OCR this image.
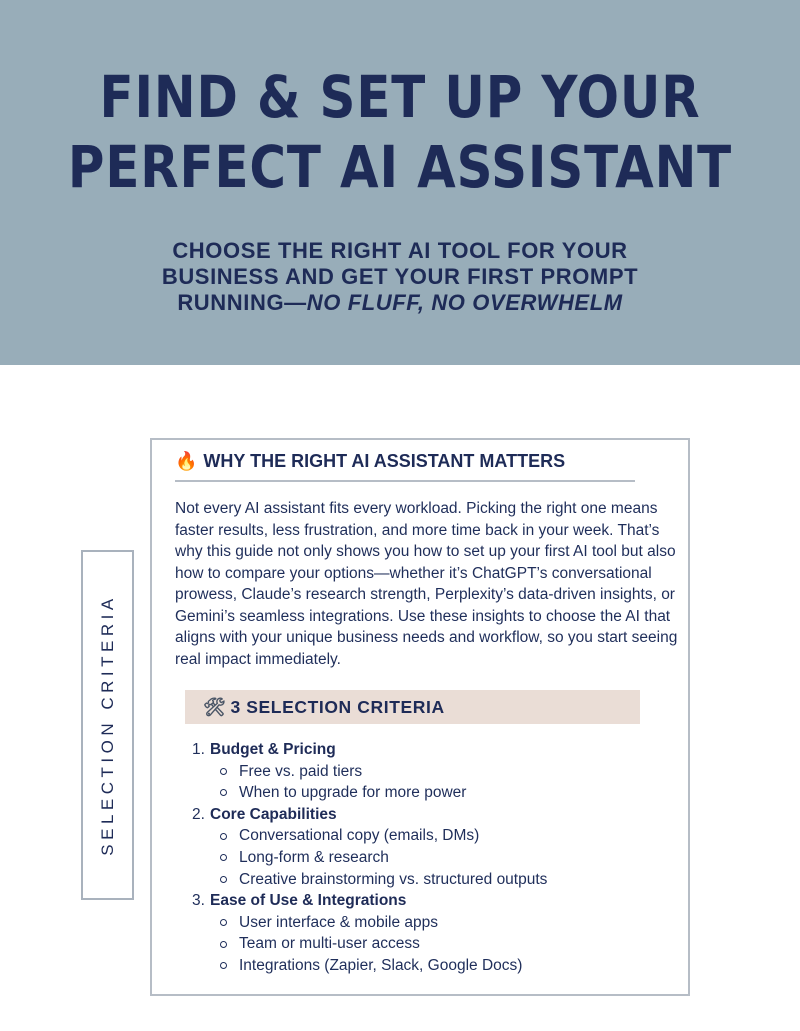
FIND & SET UP YOUR
PERFECT AI ASSISTANT
CHOOSE THE RIGHT AI TOOL FOR YOUR
BUSINESS AND GET YOUR FIRST PROMPT
RUNNING—NO FLUFF, NO OVERWHELM
SELECTION CRITERIA
🔥 WHY THE RIGHT AI ASSISTANT MATTERS

Not every AI assistant fits every workload. Picking the right one means faster results, less frustration, and more time back in your week. That’s why this guide not only shows you how to set up your first AI tool but also how to compare your options—whether it’s ChatGPT’s conversational prowess, Claude’s research strength, Perplexity’s data-driven insights, or Gemini’s seamless integrations. Use these insights to choose the AI that aligns with your unique business needs and workflow, so you start seeing real impact immediately.

🛠 3 SELECTION CRITERIA
1. Budget & Pricing
Free vs. paid tiers
When to upgrade for more power
2. Core Capabilities
Conversational copy (emails, DMs)
Long-form & research
Creative brainstorming vs. structured outputs
3. Ease of Use & Integrations
User interface & mobile apps
Team or multi-user access
Integrations (Zapier, Slack, Google Docs)
